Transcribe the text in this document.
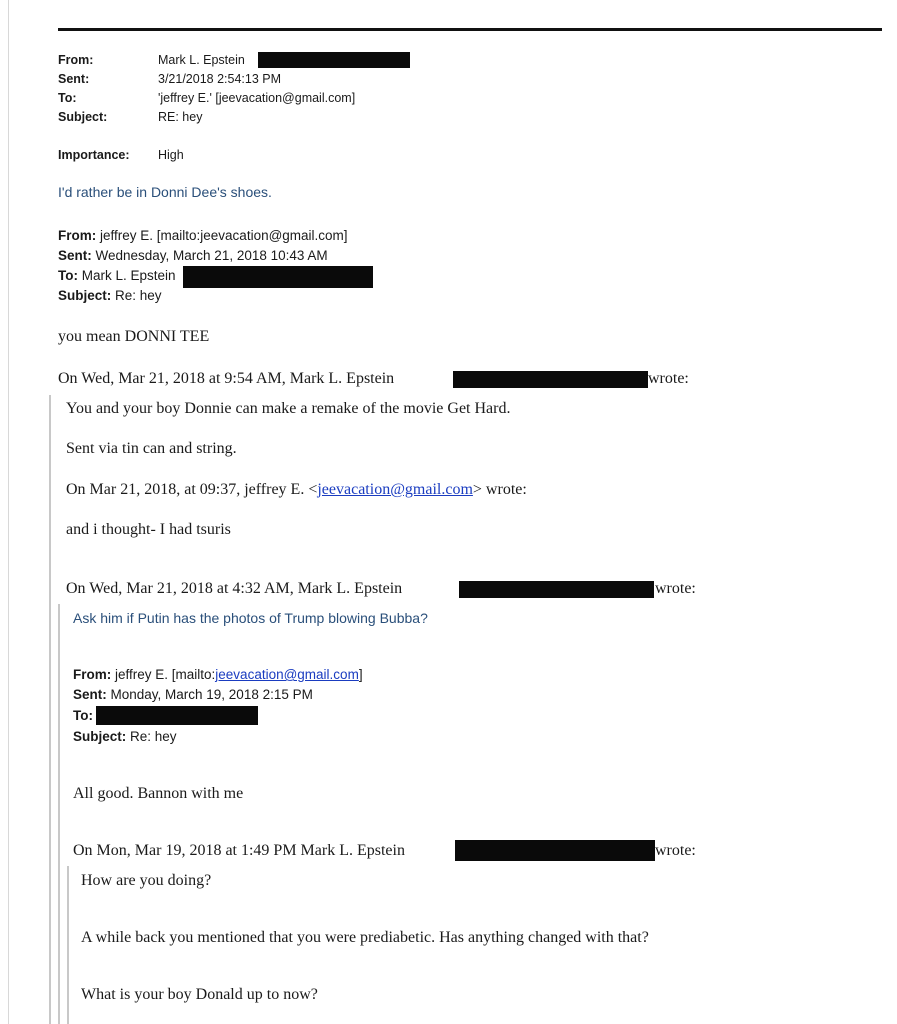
From:	Mark L. Epstein
Sent:	3/21/2018 2:54:13 PM
To:	'jeffrey E.' [jeevacation@gmail.com]
Subject:	RE: hey
Importance: High
I'd rather be in Donni Dee's shoes.
From: jeffrey E. [mailto:jeevacation@gmail.com]
Sent: Wednesday, March 21, 2018 10:43 AM
To: Mark L. Epstein
Subject: Re: hey
you mean DONNI TEE
On Wed, Mar 21, 2018 at 9:54 AM, Mark L. Epstein	wrote:
You and your boy Donnie can make a remake of the movie Get Hard.
Sent via tin can and string.
On Mar 21, 2018, at 09:37, jeffrey E. <jeevacation@gmail.com> wrote:
and i thought- I had tsuris
On Wed, Mar 21, 2018 at 4:32 AM, Mark L. Epstein	wrote:
Ask him if Putin has the photos of Trump blowing Bubba?
From: jeffrey E. [mailto:jeevacation@gmail.com]
Sent: Monday, March 19, 2018 2:15 PM
To:
Subject: Re: hey
All good. Bannon with me
On Mon, Mar 19, 2018 at 1:49 PM Mark L. Epstein	wrote:
How are you doing?
A while back you mentioned that you were prediabetic. Has anything changed with that?
What is your boy Donald up to now?
